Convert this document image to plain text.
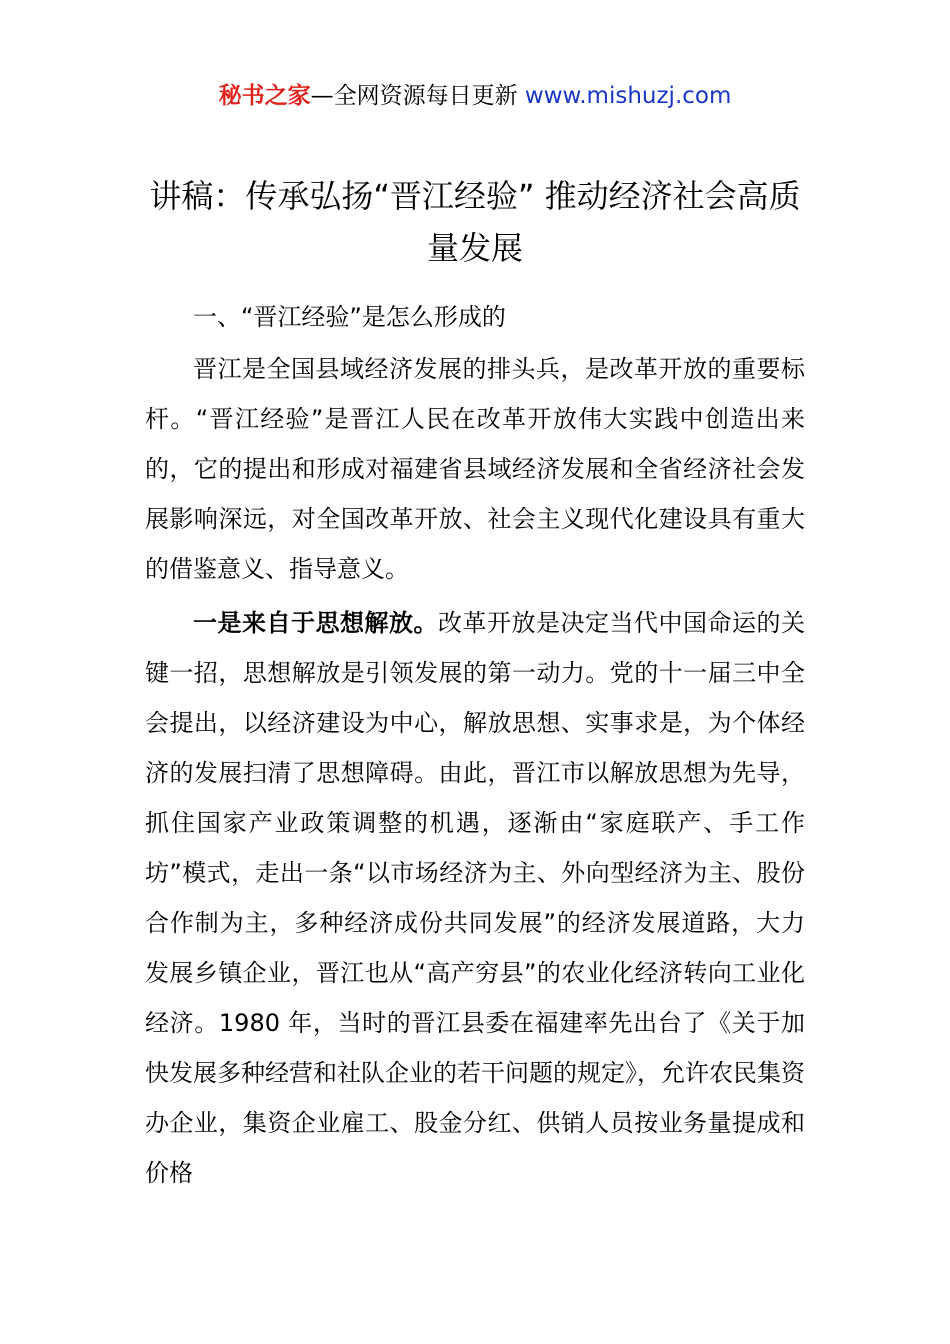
秘书之家—全网资源每日更新 www.mishuzj.com
讲稿：传承弘扬“晋江经验” 推动经济社会高质量发展

一、“晋江经验”是怎么形成的

晋江是全国县域经济发展的排头兵，是改革开放的重要标杆。“晋江经验”是晋江人民在改革开放伟大实践中创造出来的，它的提出和形成对福建省县域经济发展和全省经济社会发展影响深远，对全国改革开放、社会主义现代化建设具有重大的借鉴意义、指导意义。

一是来自于思想解放。改革开放是决定当代中国命运的关键一招，思想解放是引领发展的第一动力。党的十一届三中全会提出，以经济建设为中心，解放思想、实事求是，为个体经济的发展扫清了思想障碍。由此，晋江市以解放思想为先导，抓住国家产业政策调整的机遇，逐渐由“家庭联产、手工作坊”模式，走出一条“以市场经济为主、外向型经济为主、股份合作制为主，多种经济成份共同发展”的经济发展道路，大力发展乡镇企业，晋江也从“高产穷县”的农业化经济转向工业化经济。1980 年，当时的晋江县委在福建率先出台了《关于加快发展多种经营和社队企业的若干问题的规定》，允许农民集资办企业，集资企业雇工、股金分红、供销人员按业务量提成和价格
